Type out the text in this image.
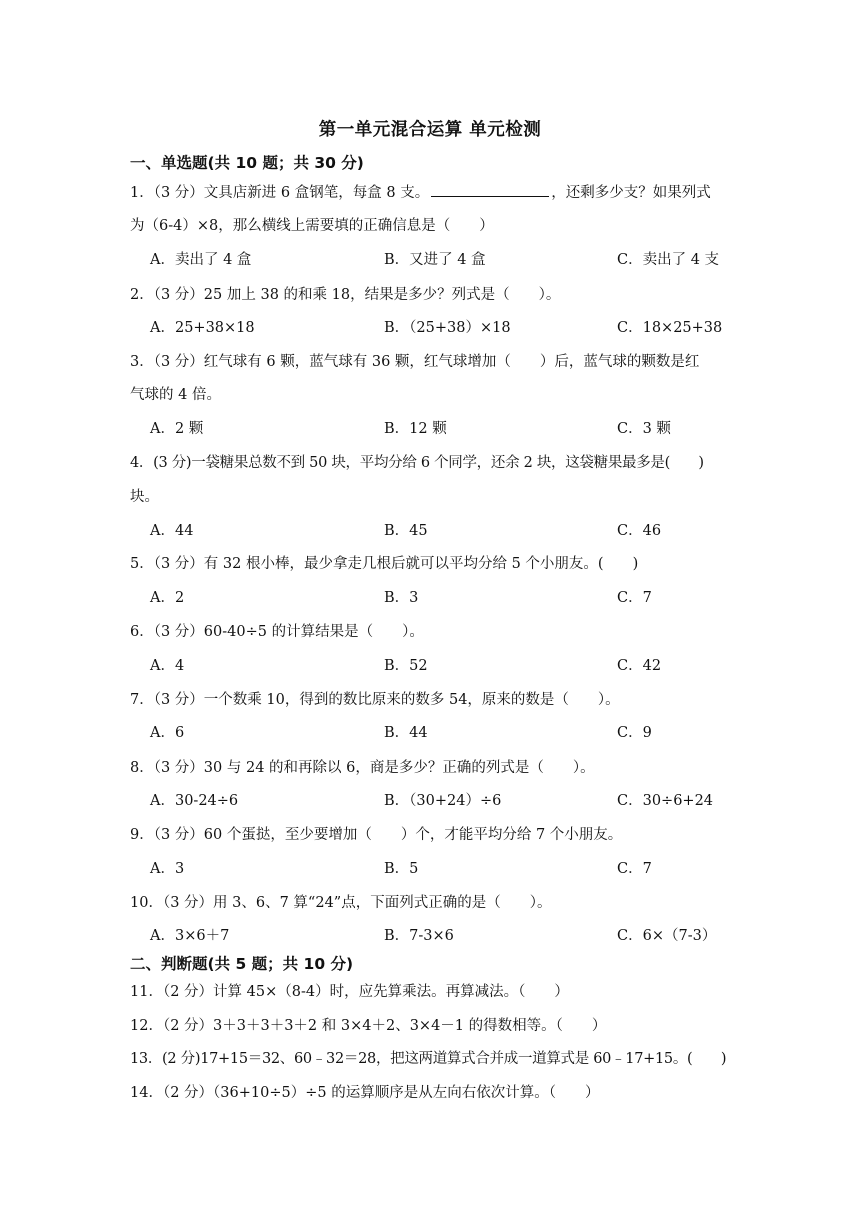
第一单元混合运算 单元检测
一、单选题(共 10 题；共 30 分)
1．（3 分）文具店新进 6 盒钢笔，每盒 8 支。	，还剩多少支？如果列式
为（6-4）×8，那么横线上需要填的正确信息是（　　）
A．卖出了 4 盒	B．又进了 4 盒	C．卖出了 4 支
2．（3 分）25 加上 38 的和乘 18，结果是多少？列式是（　　）。
A．25+38×18	B．（25+38）×18	C．18×25+38
3．（3 分）红气球有 6 颗，蓝气球有 36 颗，红气球增加（　　）后，蓝气球的颗数是红
气球的 4 倍。
A．2 颗	B．12 颗	C．3 颗
4．(3 分)一袋糖果总数不到 50 块，平均分给 6 个同学，还余 2 块，这袋糖果最多是(　　)
块。
A．44	B．45	C．46
5．（3 分）有 32 根小棒，最少拿走几根后就可以平均分给 5 个小朋友。(　　)
A．2	B．3	C．7
6．（3 分）60-40÷5 的计算结果是（　　）。
A．4	B．52	C．42
7．（3 分）一个数乘 10，得到的数比原来的数多 54，原来的数是（　　）。
A．6	B．44	C．9
8．（3 分）30 与 24 的和再除以 6，商是多少？正确的列式是（　　）。
A．30-24÷6	B．（30+24）÷6	C．30÷6+24
9．（3 分）60 个蛋挞，至少要增加（　　）个，才能平均分给 7 个小朋友。
A．3	B．5	C．7
10．（3 分）用 3、6、7 算“24”点，下面列式正确的是（　　）。
A．3×6＋7	B．7-3×6	C．6×（7-3）
二、判断题(共 5 题；共 10 分)
11．（2 分）计算 45×（8-4）时，应先算乘法。再算减法。（　　）
12．（2 分）3＋3＋3＋3＋2 和 3×4＋2、3×4－1 的得数相等。（　　）
13．(2 分)17+15＝32、60﹣32＝28，把这两道算式合并成一道算式是 60﹣17+15。(　　)
14．（2 分）（36+10÷5）÷5 的运算顺序是从左向右依次计算。（　　）
